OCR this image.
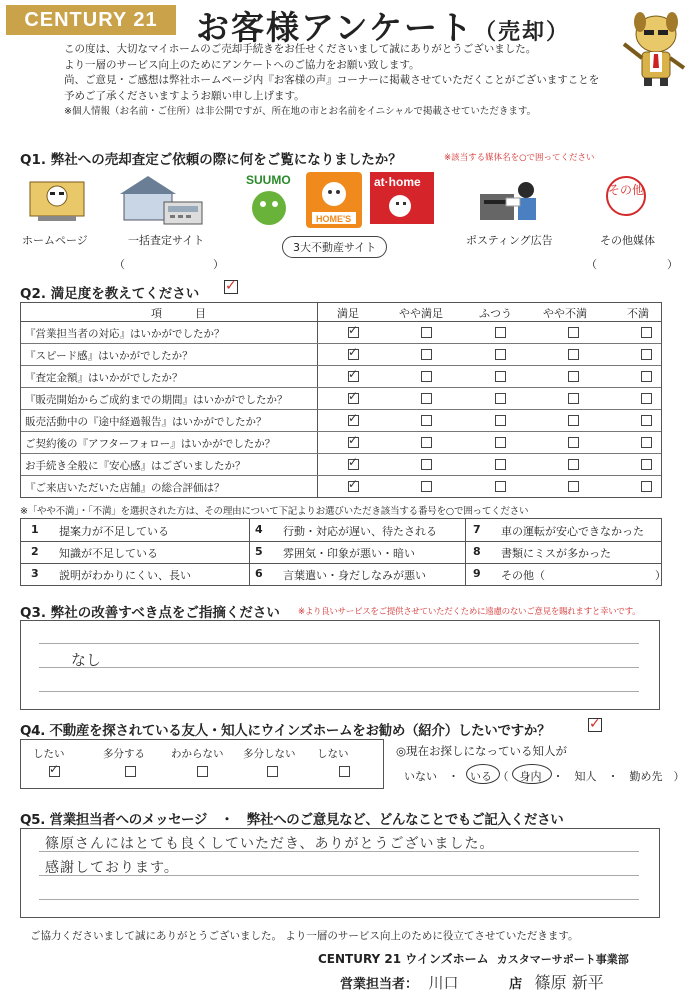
CENTURY 21	お客様アンケート（売却）
この度は、大切なマイホームのご売却手続きをお任せくださいまして誠にありがとうございました。
より一層のサービス向上のためにアンケートへのご協力をお願い致します。
尚、ご意見・ご感想は弊社ホームページ内『お客様の声』コーナーに掲載させていただくことがございますことを
予めご了承くださいますようお願い申し上げます。
※個人情報（お名前・ご住所）は非公開ですが、所在地の市とお名前をイニシャルで掲載させていただきます。
Q1. 弊社への売却査定ご依頼の際に何をご覧になりましたか？	※該当する媒体名を○で囲ってください
SUUMO
HOME'S
at·home
その他
ホームページ	一括査定サイト
3大不動産サイト
ポスティング広告	その他媒体
（　　　　　　　　）	（　　　　　　　　）
Q2. 満足度を教えてください ✓
項　　　目	満足	やや満足	ふつう	やや不満	不満
『営業担当者の対応』はいかがでしたか？	✓
『スピード感』はいかがでしたか？	✓
『査定金額』はいかがでしたか？	✓
『販売開始からご成約までの期間』はいかがでしたか？	✓
販売活動中の『途中経過報告』はいかがでしたか？	✓
ご契約後の『アフターフォロー』はいかがでしたか？	✓
お手続き全般に『安心感』はございましたか？	✓
『ご来店いただいた店舗』の総合評価は？	✓
※「やや不満」・「不満」を選択された方は、その理由について下記よりお選びいただき該当する番号を○で囲ってください
1 提案力が不足している	4 行動・対応が遅い、待たされる	7 車の運転が安心できなかった
2 知識が不足している	5 雰囲気・印象が悪い・暗い	8 書類にミスが多かった
3 説明がわかりにくい、長い	6 言葉遣い・身だしなみが悪い	9 その他（　　　　　　　　　　）
Q3. 弊社の改善すべき点をご指摘ください ※より良いサービスをご提供させていただくために遠慮のないご意見を賜れますと幸いです。
なし
Q4. 不動産を探されている友人・知人にウインズホームをお勧め（紹介）したいですか？	✓
したい
✓
多分する わからない 多分しない しない	◎現在お探しになっている知人が
いない　・　いる　（　身内　・　知人　・　勤め先　）
Q5. 営業担当者へのメッセージ　・　弊社へのご意見など、どんなことでもご記入ください
篠原さんにはとても良くしていただき、ありがとうございました。
感謝しております。
ご協力くださいまして誠にありがとうございました。 より一層のサービス向上のために役立てさせていただきます。
CENTURY 21 ウインズホーム カスタマーサポート事業部
営業担当者： 川口	店 篠原 新平
